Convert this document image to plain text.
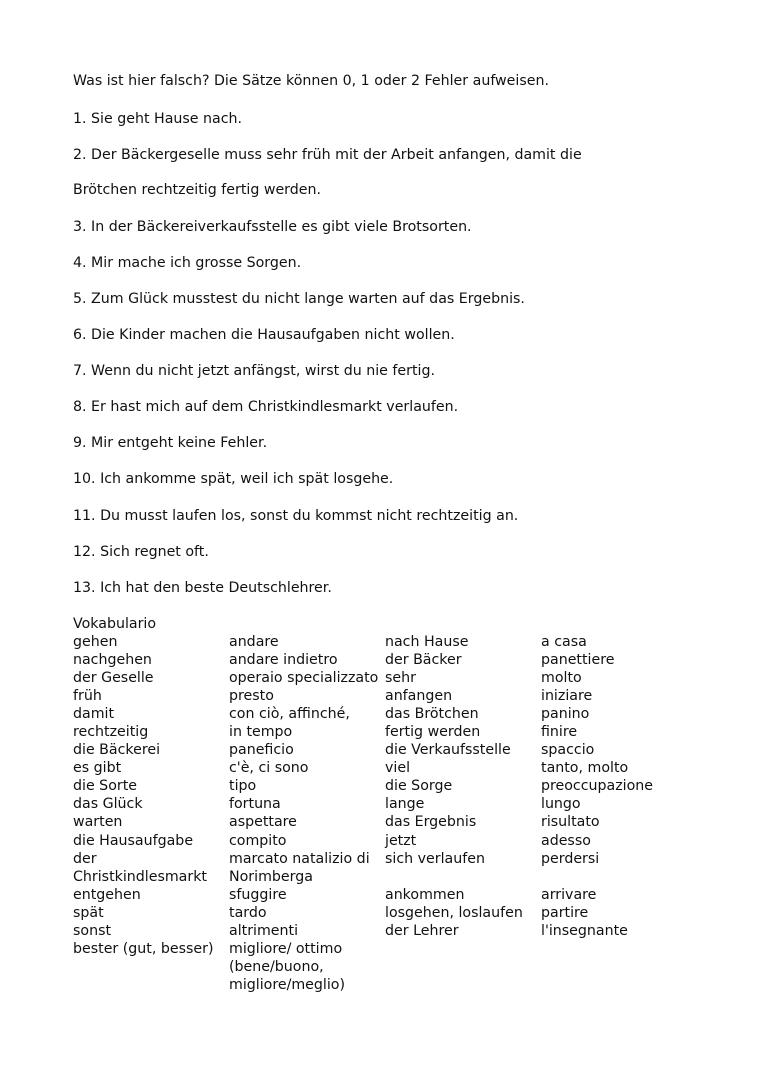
Was ist hier falsch? Die Sätze können 0, 1 oder 2 Fehler aufweisen.
1. Sie geht Hause nach.
2. Der Bäckergeselle muss sehr früh mit der Arbeit anfangen, damit die
Brötchen rechtzeitig fertig werden.
3. In der Bäckereiverkaufsstelle es gibt viele Brotsorten.
4. Mir mache ich grosse Sorgen.
5. Zum Glück musstest du nicht lange warten auf das Ergebnis.
6. Die Kinder machen die Hausaufgaben nicht wollen.
7. Wenn du nicht jetzt anfängst, wirst du nie fertig.
8. Er hast mich auf dem Christkindlesmarkt verlaufen.
9. Mir entgeht keine Fehler.
10. Ich ankomme spät, weil ich spät losgehe.
11. Du musst laufen los, sonst du kommst nicht rechtzeitig an.
12. Sich regnet oft.
13. Ich hat den beste Deutschlehrer.
Vokabulario
gehen	andare	nach Hause	a casa
nachgehen	andare indietro	der Bäcker	panettiere
der Geselle	operaio specializzato	sehr	molto
früh	presto	anfangen	iniziare
damit	con ciò, affinché,	das Brötchen	panino
rechtzeitig	in tempo	fertig werden	finire
die Bäckerei	paneficio	die Verkaufsstelle	spaccio
es gibt	c'è, ci sono	viel	tanto, molto
die Sorte	tipo	die Sorge	preoccupazione
das Glück	fortuna	lange	lungo
warten	aspettare	das Ergebnis	risultato
die Hausaufgabe	compito	jetzt	adesso
der Christkindlesmarkt	marcato natalizio di Norimberga	sich verlaufen	perdersi
entgehen	sfuggire	ankommen	arrivare
spät	tardo	losgehen, loslaufen	partire
sonst	altrimenti	der Lehrer	l'insegnante
bester (gut, besser)	migliore/ ottimo (bene/buono, migliore/meglio)		
